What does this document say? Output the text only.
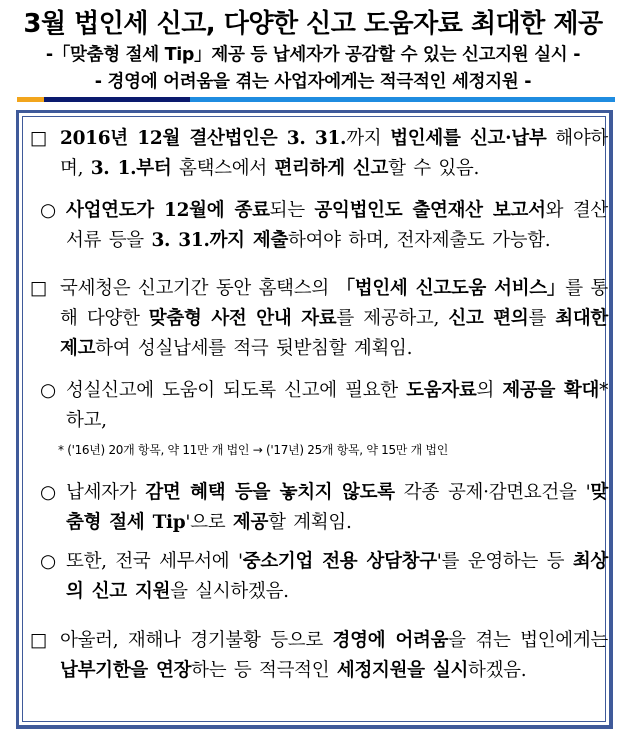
3월 법인세 신고, 다양한 신고 도움자료 최대한 제공
-「맞춤형 절세 Tip」제공 등 납세자가 공감할 수 있는 신고지원 실시 -
- 경영에 어려움을 겪는 사업자에게는 적극적인 세정지원 -
□ 2016년 12월 결산법인은 3. 31.까지 법인세를 신고·납부 해야하며, 3. 1.부터 홈택스에서 편리하게 신고할 수 있음.
○ 사업연도가 12월에 종료되는 공익법인도 출연재산 보고서와 결산서류 등을 3. 31.까지 제출하여야 하며, 전자제출도 가능함.
□ 국세청은 신고기간 동안 홈택스의 「법인세 신고도움 서비스」를 통해 다양한 맞춤형 사전 안내 자료를 제공하고, 신고 편의를 최대한 제고하여 성실납세를 적극 뒷받침할 계획임.
○ 성실신고에 도움이 되도록 신고에 필요한 도움자료의 제공을 확대*하고,
* ('16년) 20개 항목, 약 11만 개 법인 → ('17년) 25개 항목, 약 15만 개 법인
○ 납세자가 감면 혜택 등을 놓치지 않도록 각종 공제·감면요건을 '맞춤형 절세 Tip'으로 제공할 계획임.
○ 또한, 전국 세무서에 '중소기업 전용 상담창구'를 운영하는 등 최상의 신고 지원을 실시하겠음.
□ 아울러, 재해나 경기불황 등으로 경영에 어려움을 겪는 법인에게는 납부기한을 연장하는 등 적극적인 세정지원을 실시하겠음.
